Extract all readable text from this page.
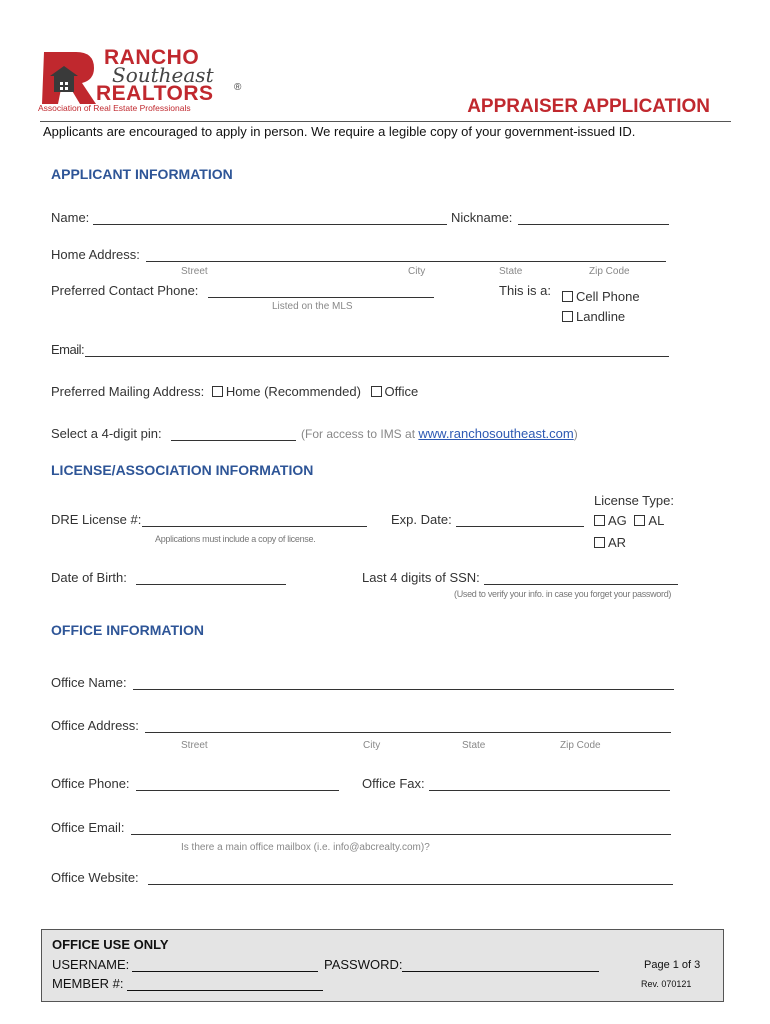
RANCHO
Southeast
REALTORS ®
Association of Real Estate Professionals	APPRAISER APPLICATION
Applicants are encouraged to apply in person. We require a legible copy of your government-issued ID.
APPLICANT INFORMATION
Name:	Nickname:
Home Address:
Street	City	State	Zip Code
Preferred Contact Phone:
Listed on the MLS
This is a:	Cell Phone
Landline
Email:
Preferred Mailing Address: Home (Recommended) Office
Select a 4-digit pin:	(For access to IMS at www.ranchosoutheast.com)
LICENSE/ASSOCIATION INFORMATION
License Type:
DRE License #:
Applications must include a copy of license.
Exp. Date:	AG AL
AR
Date of Birth:	Last 4 digits of SSN:
(Used to verify your info. in case you forget your password)
OFFICE INFORMATION
Office Name:
Office Address:
Street	City	State	Zip Code
Office Phone:	Office Fax:
Office Email:
Is there a main office mailbox (i.e. info@abcrealty.com)?
Office Website:
OFFICE USE ONLY
USERNAME:	PASSWORD:
MEMBER #:
Page 1 of 3
Rev. 070121
